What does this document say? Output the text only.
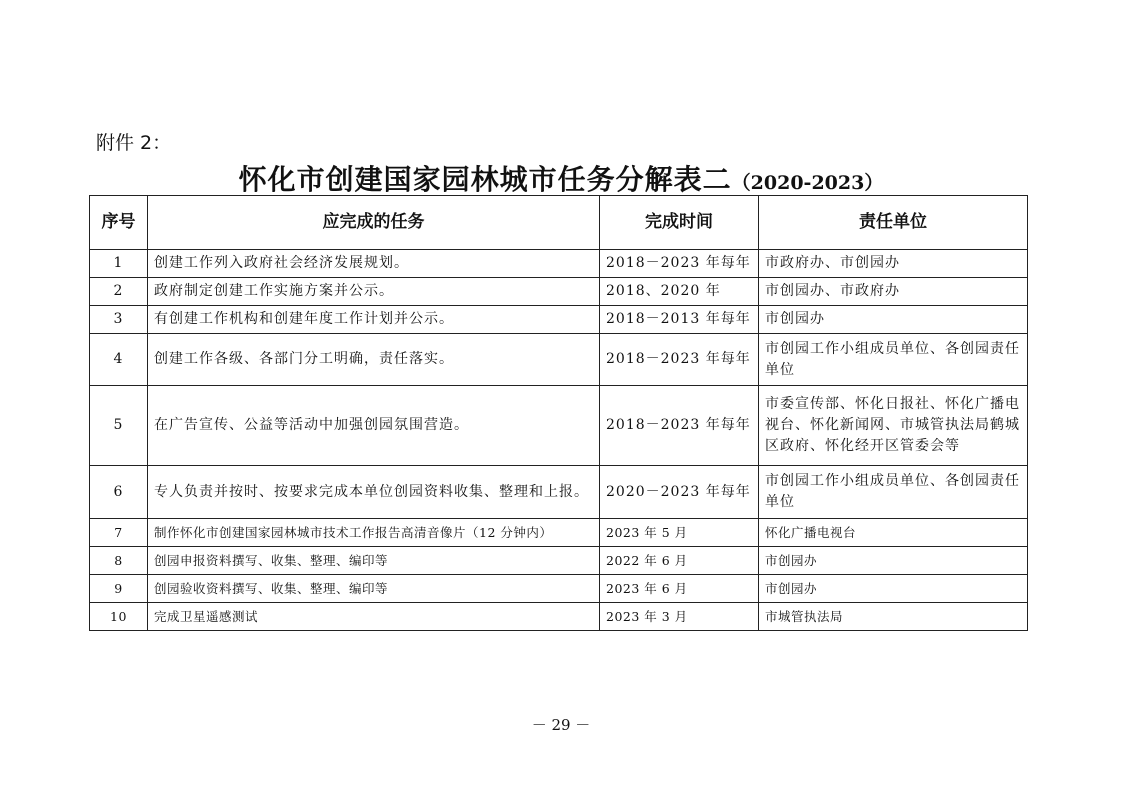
附件 2：
怀化市创建国家园林城市任务分解表二（2020-2023）
序号	应完成的任务	完成时间	责任单位
1	创建工作列入政府社会经济发展规划。	2018－2023 年每年	市政府办、市创园办
2	政府制定创建工作实施方案并公示。	2018、2020 年	市创园办、市政府办
3	有创建工作机构和创建年度工作计划并公示。	2018－2013 年每年	市创园办
4	创建工作各级、各部门分工明确，责任落实。	2018－2023 年每年	市创园工作小组成员单位、各创园责任单位
5	在广告宣传、公益等活动中加强创园氛围营造。	2018－2023 年每年	市委宣传部、怀化日报社、怀化广播电视台、怀化新闻网、市城管执法局鹤城区政府、怀化经开区管委会等
6	专人负责并按时、按要求完成本单位创园资料收集、整理和上报。	2020－2023 年每年	市创园工作小组成员单位、各创园责任单位
7	制作怀化市创建国家园林城市技术工作报告高清音像片（12 分钟内）	2023 年 5 月	怀化广播电视台
8	创园申报资料撰写、收集、整理、编印等	2022 年 6 月	市创园办
9	创园验收资料撰写、收集、整理、编印等	2023 年 6 月	市创园办
10	完成卫星遥感测试	2023 年 3 月	市城管执法局
－ 29 －
